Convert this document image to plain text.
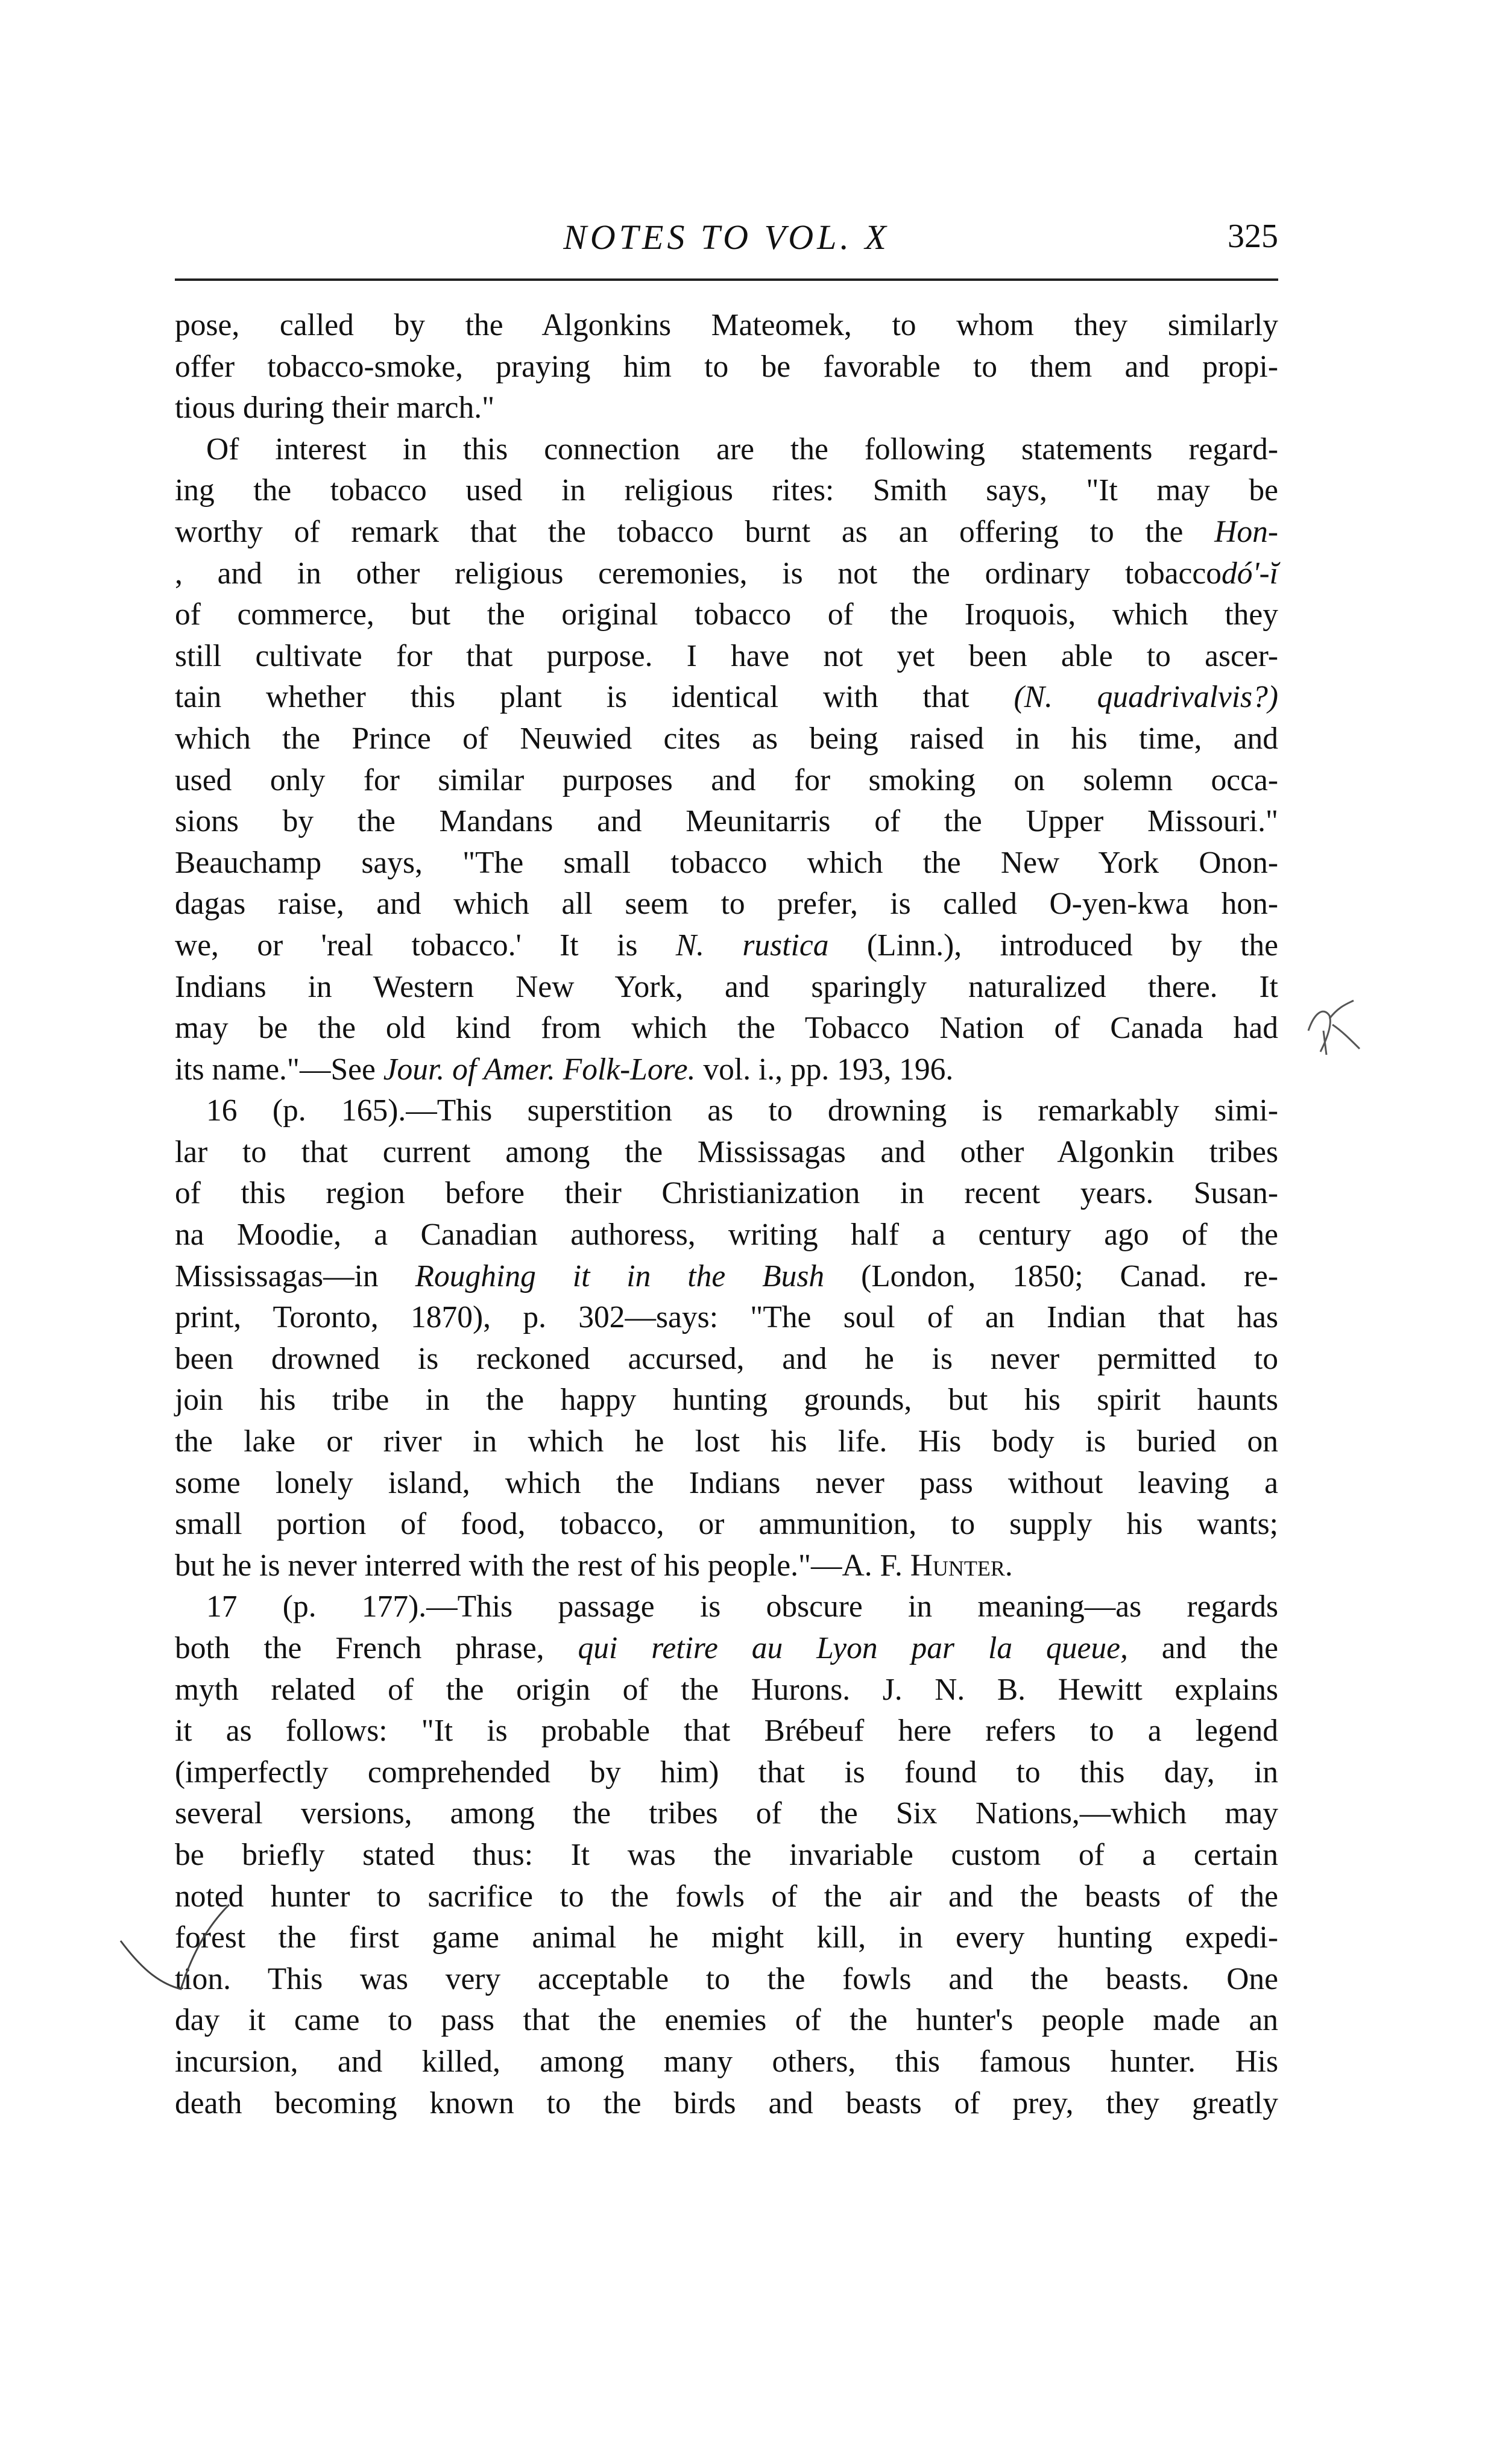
NOTES TO VOL. X	325
pose, called by the Algonkins Mateomek, to whom they similarly
offer tobacco-smoke, praying him to be favorable to them and propi-
tious during their march."
Of interest in this connection are the following statements regard-
ing the tobacco used in religious rites: Smith says, "It may be
worthy of remark that the tobacco burnt as an offering to the Hon-
, and in other religious ceremonies, is not the ordinary tobaccodó'-ĭ
of commerce, but the original tobacco of the Iroquois, which they
still cultivate for that purpose. I have not yet been able to ascer-
tain whether this plant is identical with that (N. quadrivalvis?)
which the Prince of Neuwied cites as being raised in his time, and
used only for similar purposes and for smoking on solemn occa-
sions by the Mandans and Meunitarris of the Upper Missouri."
Beauchamp says, "The small tobacco which the New York Onon-
dagas raise, and which all seem to prefer, is called O-yen-kwa hon-
we, or 'real tobacco.' It is N. rustica (Linn.), introduced by the
Indians in Western New York, and sparingly naturalized there. It
may be the old kind from which the Tobacco Nation of Canada had
its name."—See Jour. of Amer. Folk-Lore. vol. i., pp. 193, 196.
16 (p. 165).—This superstition as to drowning is remarkably simi-
lar to that current among the Mississagas and other Algonkin tribes
of this region before their Christianization in recent years. Susan-
na Moodie, a Canadian authoress, writing half a century ago of the
Mississagas—in Roughing it in the Bush (London, 1850; Canad. re-
print, Toronto, 1870), p. 302—says: "The soul of an Indian that has
been drowned is reckoned accursed, and he is never permitted to
join his tribe in the happy hunting grounds, but his spirit haunts
the lake or river in which he lost his life. His body is buried on
some lonely island, which the Indians never pass without leaving a
small portion of food, tobacco, or ammunition, to supply his wants;
but he is never interred with the rest of his people."—A. F. Hunter.
17 (p. 177).—This passage is obscure in meaning—as regards
both the French phrase, qui retire au Lyon par la queue, and the
myth related of the origin of the Hurons. J. N. B. Hewitt explains
it as follows: "It is probable that Brébeuf here refers to a legend
(imperfectly comprehended by him) that is found to this day, in
several versions, among the tribes of the Six Nations,—which may
be briefly stated thus: It was the invariable custom of a certain
noted hunter to sacrifice to the fowls of the air and the beasts of the
forest the first game animal he might kill, in every hunting expedi-
tion. This was very acceptable to the fowls and the beasts. One
day it came to pass that the enemies of the hunter's people made an
incursion, and killed, among many others, this famous hunter. His
death becoming known to the birds and beasts of prey, they greatly
